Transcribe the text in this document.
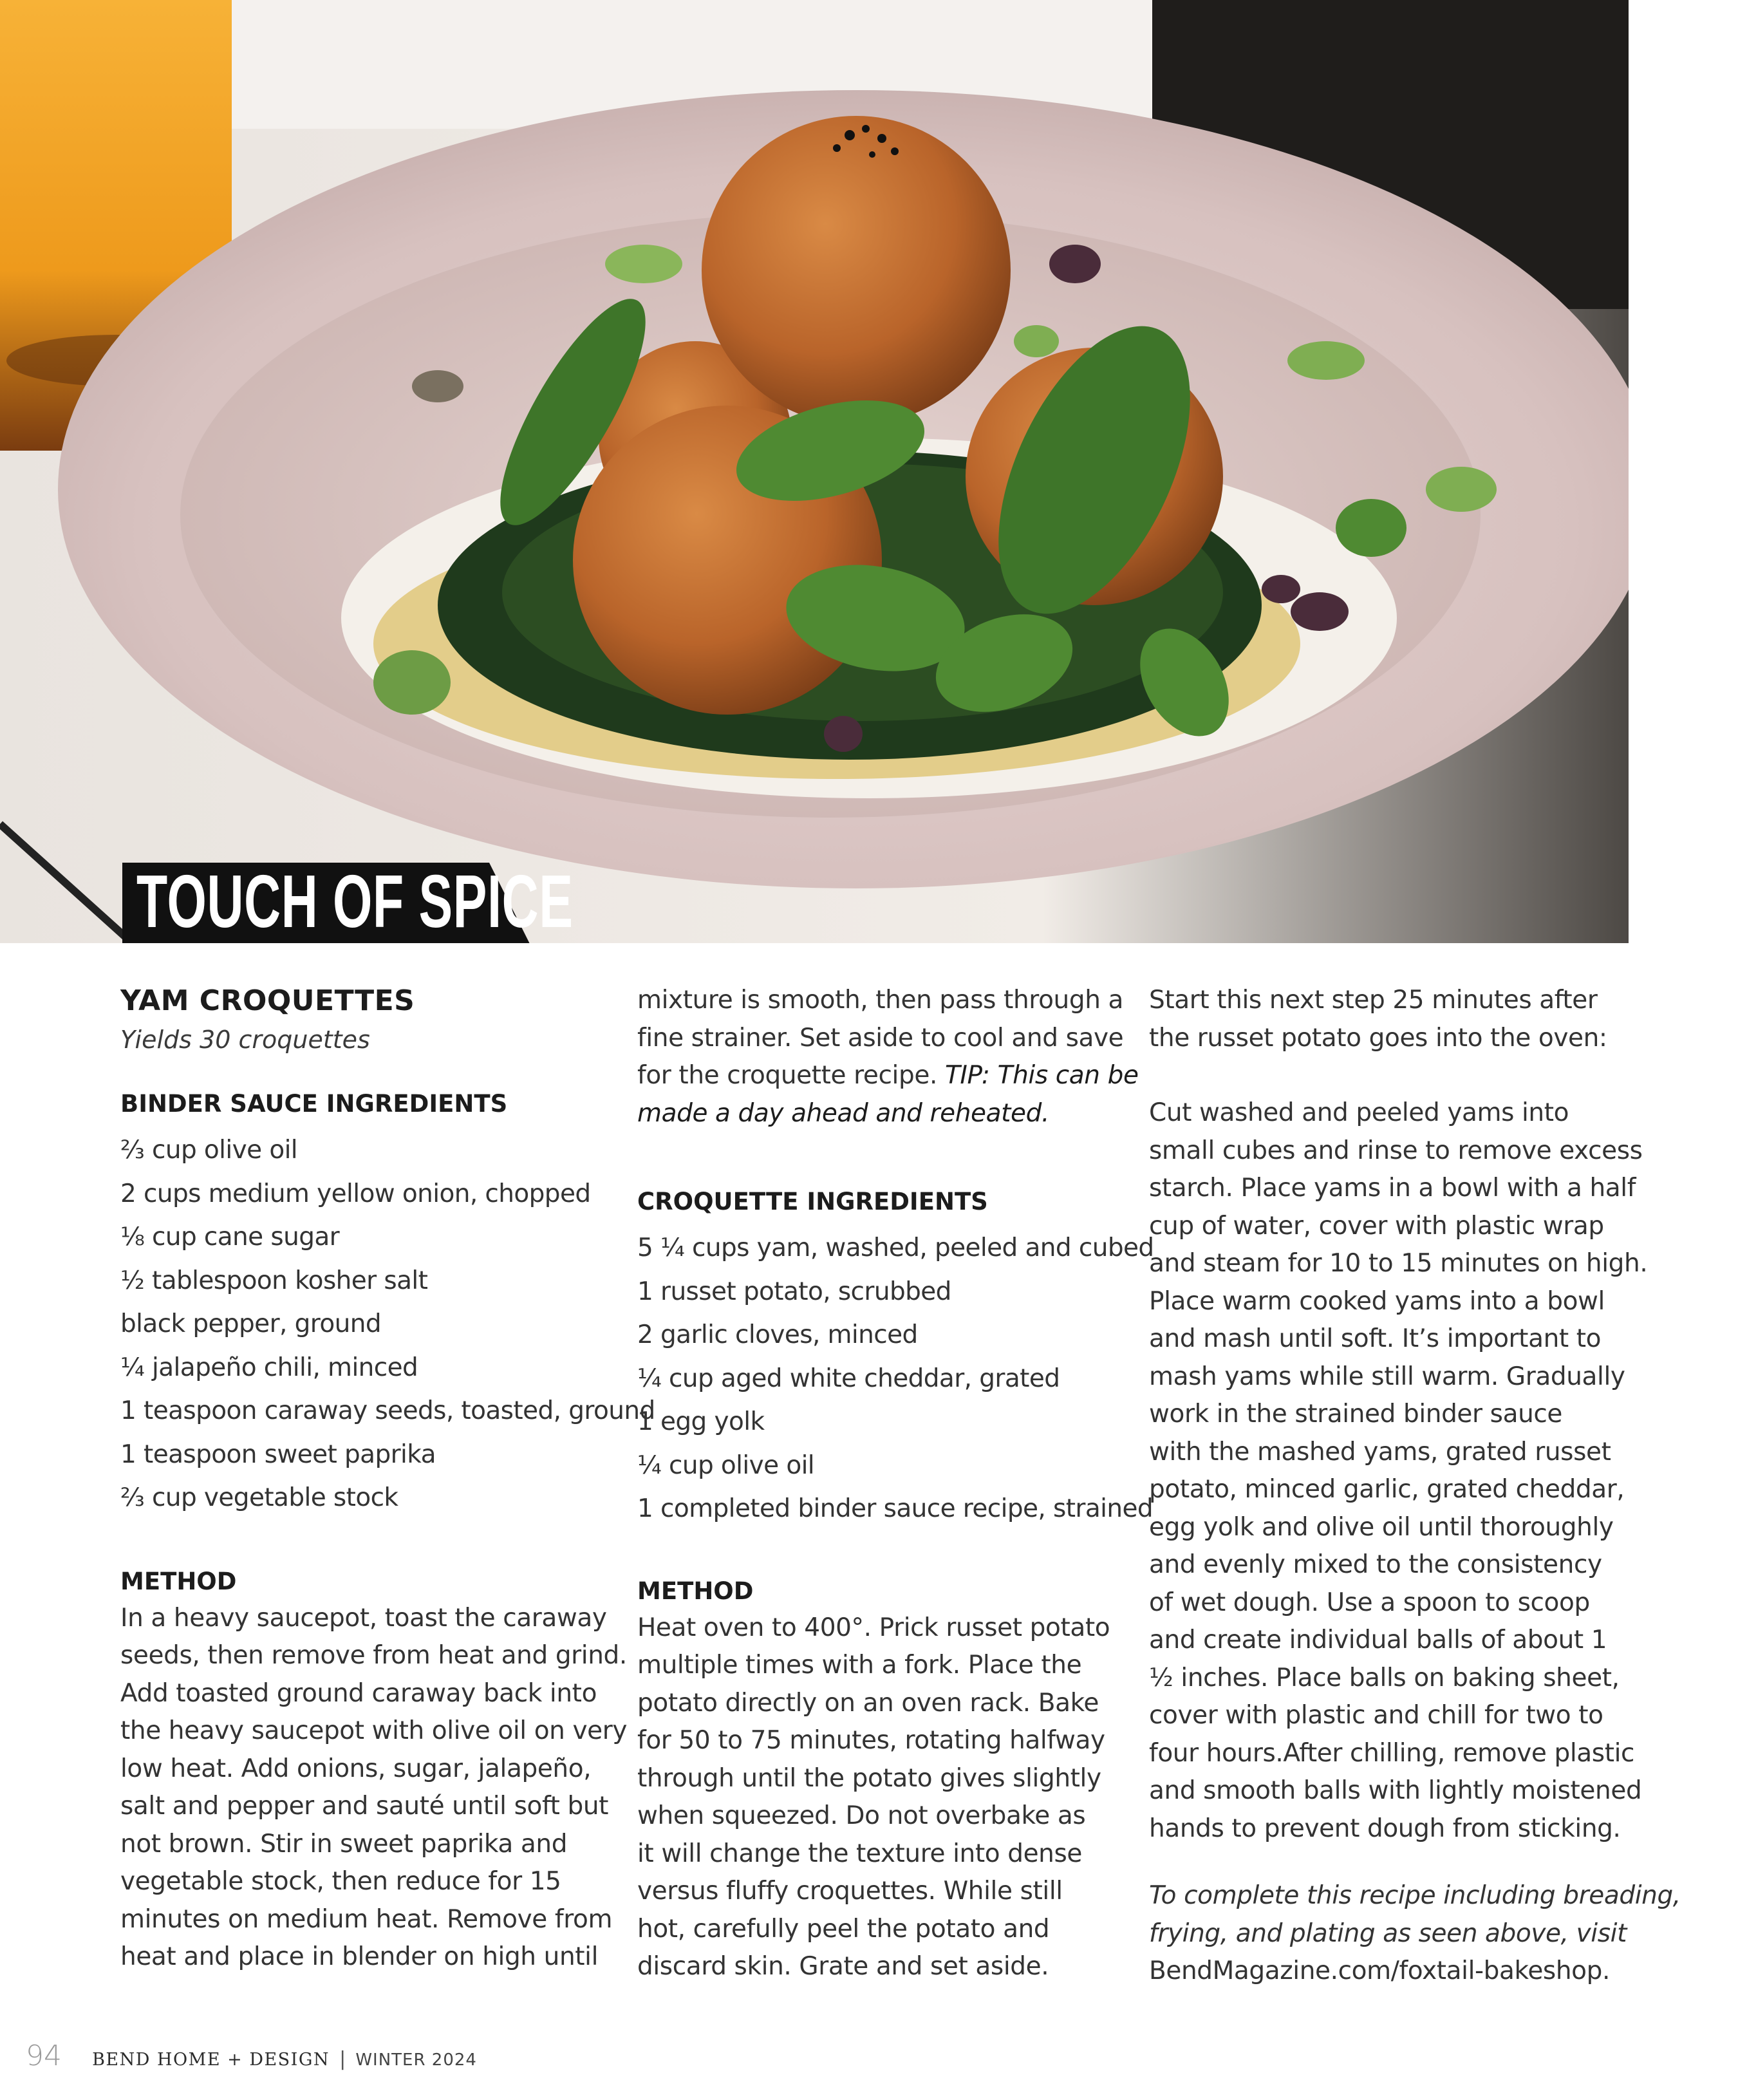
TOUCH OF SPICE
YAM CROQUETTES
Yields 30 croquettes
BINDER SAUCE INGREDIENTS
⅔ cup olive oil
2 cups medium yellow onion, chopped
⅛ cup cane sugar
½ tablespoon kosher salt
black pepper, ground
¼ jalapeño chili, minced
1 teaspoon caraway seeds, toasted, ground
1 teaspoon sweet paprika
⅔ cup vegetable stock
METHOD
In a heavy saucepot, toast the caraway
seeds, then remove from heat and grind.
Add toasted ground caraway back into
the heavy saucepot with olive oil on very
low heat. Add onions, sugar, jalapeño,
salt and pepper and sauté until soft but
not brown. Stir in sweet paprika and
vegetable stock, then reduce for 15
minutes on medium heat. Remove from
heat and place in blender on high until
mixture is smooth, then pass through a
fine strainer. Set aside to cool and save
for the croquette recipe. TIP: This can be
made a day ahead and reheated.
CROQUETTE INGREDIENTS
5 ¼ cups yam, washed, peeled and cubed
1 russet potato, scrubbed
2 garlic cloves, minced
¼ cup aged white cheddar, grated
1 egg yolk
¼ cup olive oil
1 completed binder sauce recipe, strained
METHOD
Heat oven to 400°. Prick russet potato
multiple times with a fork. Place the
potato directly on an oven rack. Bake
for 50 to 75 minutes, rotating halfway
through until the potato gives slightly
when squeezed. Do not overbake as
it will change the texture into dense
versus fluffy croquettes. While still
hot, carefully peel the potato and
discard skin. Grate and set aside.
Start this next step 25 minutes after
the russet potato goes into the oven:
Cut washed and peeled yams into
small cubes and rinse to remove excess
starch. Place yams in a bowl with a half
cup of water, cover with plastic wrap
and steam for 10 to 15 minutes on high.
Place warm cooked yams into a bowl
and mash until soft. It’s important to
mash yams while still warm. Gradually
work in the strained binder sauce
with the mashed yams, grated russet
potato, minced garlic, grated cheddar,
egg yolk and olive oil until thoroughly
and evenly mixed to the consistency
of wet dough. Use a spoon to scoop
and create individual balls of about 1
½ inches. Place balls on baking sheet,
cover with plastic and chill for two to
four hours.After chilling, remove plastic
and smooth balls with lightly moistened
hands to prevent dough from sticking.
To complete this recipe including breading,
frying, and plating as seen above, visit
BendMagazine.com/foxtail-bakeshop.
94 BEND HOME + DESIGN | WINTER 2024
